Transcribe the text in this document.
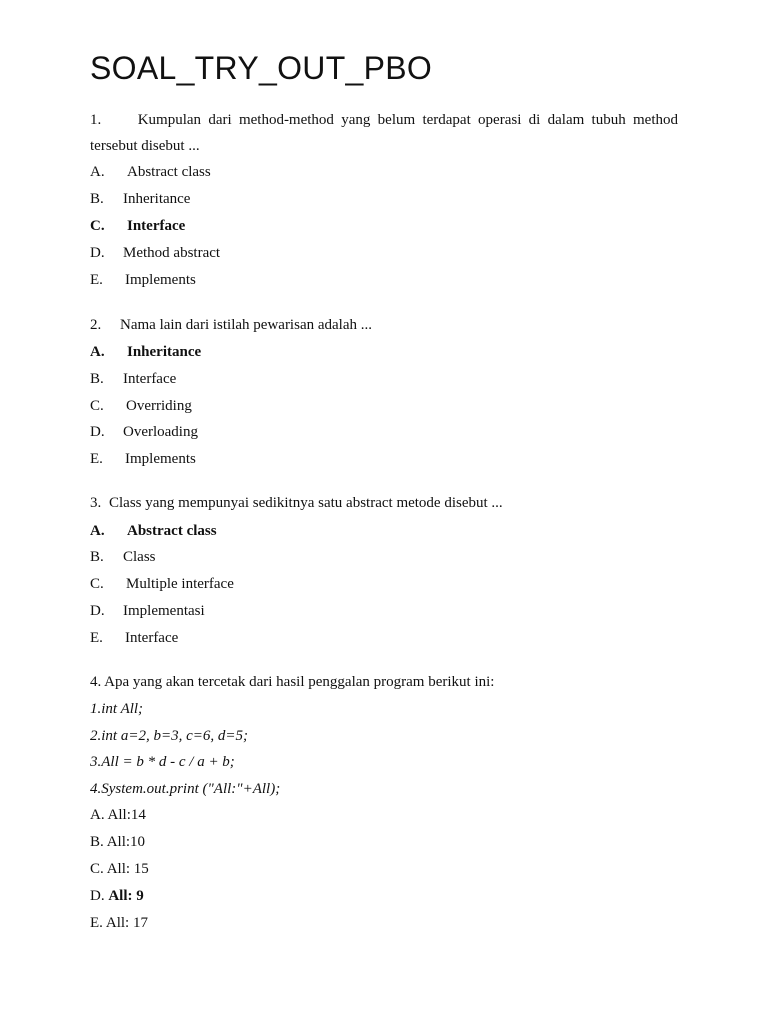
SOAL_TRY_OUT_PBO
1. Kumpulan dari method-method yang belum terdapat operasi di dalam tubuh method
tersebut disebut ...
A. Abstract class
B. Inheritance
C. Interface
D. Method abstract
E. Implements
2. Nama lain dari istilah pewarisan adalah ...
A. Inheritance
B. Interface
C. Overriding
D. Overloading
E. Implements
3. Class yang mempunyai sedikitnya satu abstract metode disebut ...
A. Abstract class
B. Class
C. Multiple interface
D. Implementasi
E. Interface
4. Apa yang akan tercetak dari hasil penggalan program berikut ini:
1.int All;
2.int a=2, b=3, c=6, d=5;
3.All = b * d - c / a + b;
4.System.out.print ("All:"+All);
A. All:14
B. All:10
C. All: 15
D. All: 9
E. All: 17
